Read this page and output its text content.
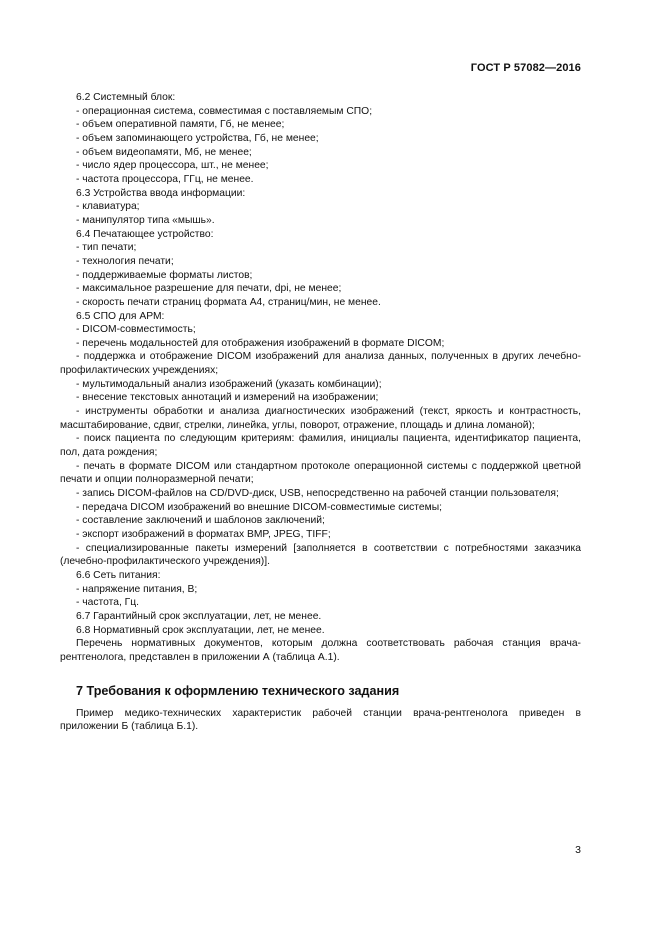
ГОСТ Р 57082—2016

6.2 Системный блок:

- операционная система, совместимая с поставляемым СПО;

- объем оперативной памяти, Гб, не менее;

- объем запоминающего устройства, Гб, не менее;

- объем видеопамяти, Мб, не менее;

- число ядер процессора, шт., не менее;

- частота процессора, ГГц, не менее.

6.3 Устройства ввода информации:

- клавиатура;

- манипулятор типа «мышь».

6.4 Печатающее устройство:

- тип печати;

- технология печати;

- поддерживаемые форматы листов;

- максимальное разрешение для печати, dpi, не менее;

- скорость печати страниц формата А4, страниц/мин, не менее.

6.5 СПО для АРМ:

- DICOM-совместимость;

- перечень модальностей для отображения изображений в формате DICOM;

- поддержка и отображение DICOM изображений для анализа данных, полученных в других лечебно-профилактических учреждениях;

- мультимодальный анализ изображений (указать комбинации);

- внесение текстовых аннотаций и измерений на изображении;

- инструменты обработки и анализа диагностических изображений (текст, яркость и контрастность, масштабирование, сдвиг, стрелки, линейка, углы, поворот, отражение, площадь и длина ломаной);

- поиск пациента по следующим критериям: фамилия, инициалы пациента, идентификатор пациента, пол, дата рождения;

- печать в формате DICOM или стандартном протоколе операционной системы с поддержкой цветной печати и опции полноразмерной печати;

- запись DICOM-файлов на CD/DVD-диск, USB, непосредственно на рабочей станции пользователя;

- передача DICOM изображений во внешние DICOM-совместимые системы;

- составление заключений и шаблонов заключений;

- экспорт изображений в форматах BMP, JPEG, TIFF;

- специализированные пакеты измерений [заполняется в соответствии с потребностями заказчика (лечебно-профилактического учреждения)].

6.6 Сеть питания:

- напряжение питания, В;

- частота, Гц.

6.7 Гарантийный срок эксплуатации, лет, не менее.

6.8 Нормативный срок эксплуатации, лет, не менее.

Перечень нормативных документов, которым должна соответствовать рабочая станция врача-рентгенолога, представлен в приложении А (таблица А.1).

7 Требования к оформлению технического задания

Пример медико-технических характеристик рабочей станции врача-рентгенолога приведен в приложении Б (таблица Б.1).

3
